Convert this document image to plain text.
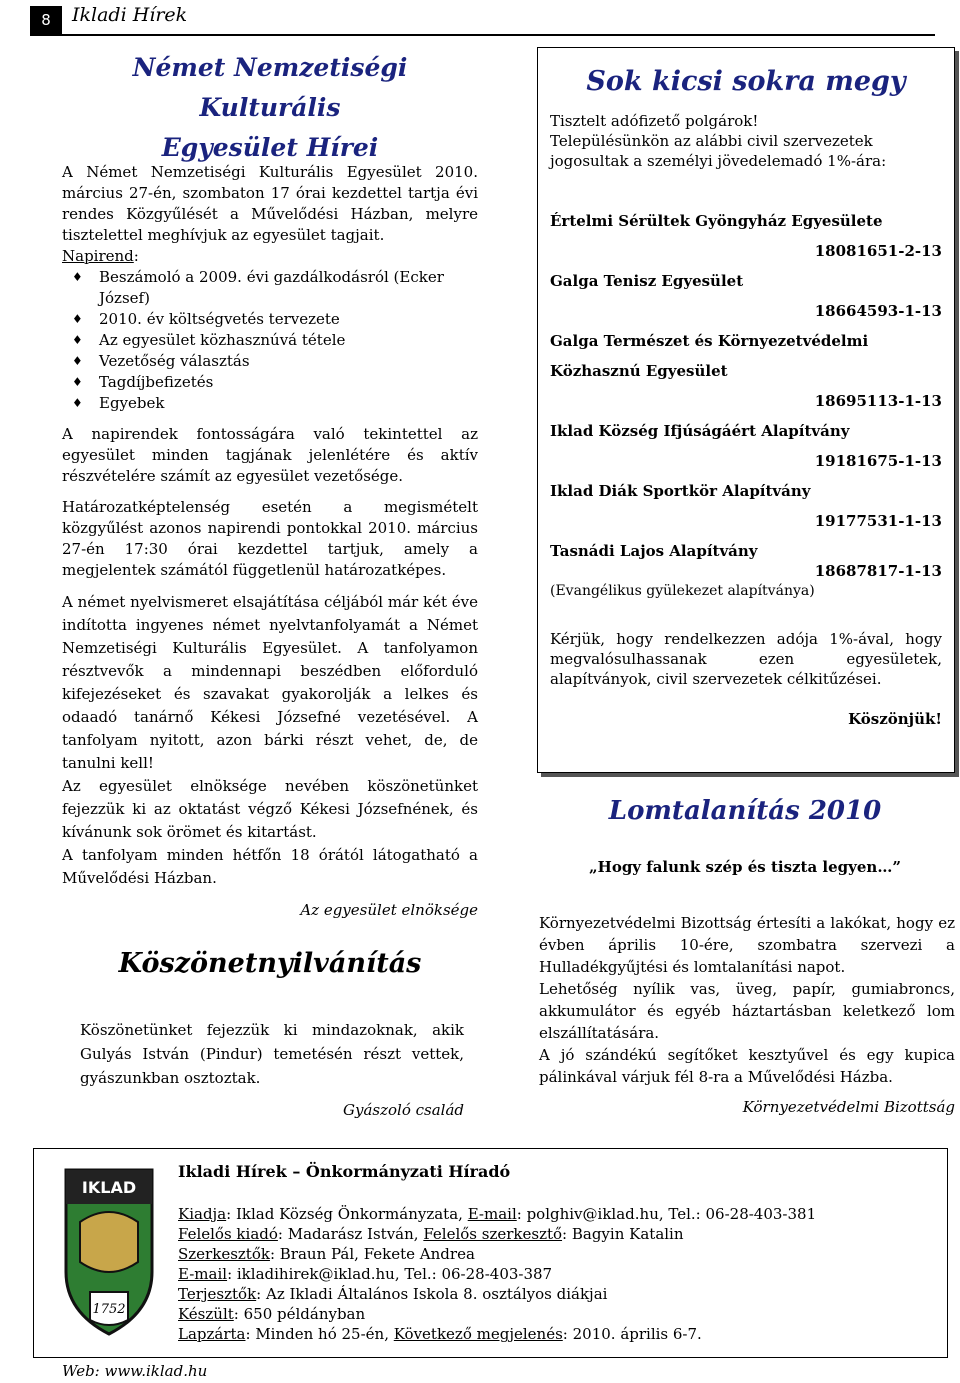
8	Ikladi Hírek
Német Nemzetiségi Kulturális
Egyesület Hírei

A Német Nemzetiségi Kulturális Egyesület 2010. március 27-én, szombaton 17 órai kezdettel tartja évi rendes Közgyűlését a Művelődési Házban, melyre tisztelettel meghívjuk az egyesület tagjait.

Napirend:

♦ Beszámoló a 2009. évi gazdálkodásról (Ecker József)
♦ 2010. év költségvetés tervezete
♦ Az egyesület közhasznúvá tétele
♦ Vezetőség választás
♦ Tagdíjbefizetés
♦ Egyebek

A napirendek fontosságára való tekintettel az egyesület minden tagjának jelenlétére és aktív részvételére számít az egyesület vezetősége.

Határozatképtelenség esetén a megismételt közgyűlést azonos napirendi pontokkal 2010. március 27-én 17:30 órai kezdettel tartjuk, amely a megjelentek számától függetlenül határozatképes.

A német nyelvismeret elsajátítása céljából már két éve indította ingyenes német nyelvtanfolyamát a Német Nemzetiségi Kulturális Egyesület. A tanfolyamon résztvevők a mindennapi beszédben előforduló kifejezéseket és szavakat gyakorolják a lelkes és odaadó tanárnő Kékesi Józsefné vezetésével. A tanfolyam nyitott, azon bárki részt vehet, de, de tanulni kell!

Az egyesület elnöksége nevében köszönetünket fejezzük ki az oktatást végző Kékesi Józsefnének, és kívánunk sok örömet és kitartást.

A tanfolyam minden hétfőn 18 órától látogatható a Művelődési Házban.

Az egyesület elnöksége

Köszönetnyilvánítás

Köszönetünket fejezzük ki mindazoknak, akik Gulyás István (Pindur) temetésén részt vettek, gyászunkban osztoztak.

Gyászoló család

Sok kicsi sokra megy
Tisztelt adófizető polgárok!
Településünkön az alábbi civil szervezetek jogosultak a személyi jövedelemadó 1%-ára:
Értelmi Sérültek Gyöngyház Egyesülete
18081651-2-13
Galga Tenisz Egyesület
18664593-1-13
Galga Természet és Környezetvédelmi
Közhasznú Egyesület
18695113-1-13
Iklad Község Ifjúságáért Alapítvány
19181675-1-13
Iklad Diák Sportkör Alapítvány
19177531-1-13
Tasnádi Lajos Alapítvány
18687817-1-13
(Evangélikus gyülekezet alapítványa)
Kérjük, hogy rendelkezzen adója 1%-ával, hogy megvalósulhassanak ezen egyesületek, alapítványok, civil szervezetek célkitűzései.
Köszönjük!
Lomtalanítás 2010
„Hogy falunk szép és tiszta legyen…”

Környezetvédelmi Bizottság értesíti a lakókat, hogy ez évben április 10-ére, szombatra szervezi a Hulladékgyűjtési és lomtalanítási napot.

Lehetőség nyílik vas, üveg, papír, gumiabroncs, akkumulátor és egyéb háztartásban keletkező lom elszállítatására.

A jó szándékú segítőket kesztyűvel és egy kupica pálinkával várjuk fél 8-ra a Művelődési Házba.

Környezetvédelmi Bizottság

IKLAD
1752
Ikladi Hírek – Önkormányzati Híradó
Kiadja: Iklad Község Önkormányzata, E-mail: polghiv@iklad.hu, Tel.: 06-28-403-381
Felelős kiadó: Madarász István, Felelős szerkesztő: Bagyin Katalin
Szerkesztők: Braun Pál, Fekete Andrea
E-mail: ikladihirek@iklad.hu, Tel.: 06-28-403-387
Terjesztők: Az Ikladi Általános Iskola 8. osztályos diákjai
Készült: 650 példányban
Lapzárta: Minden hó 25-én, Következő megjelenés: 2010. április 6-7.
Web: www.iklad.hu
